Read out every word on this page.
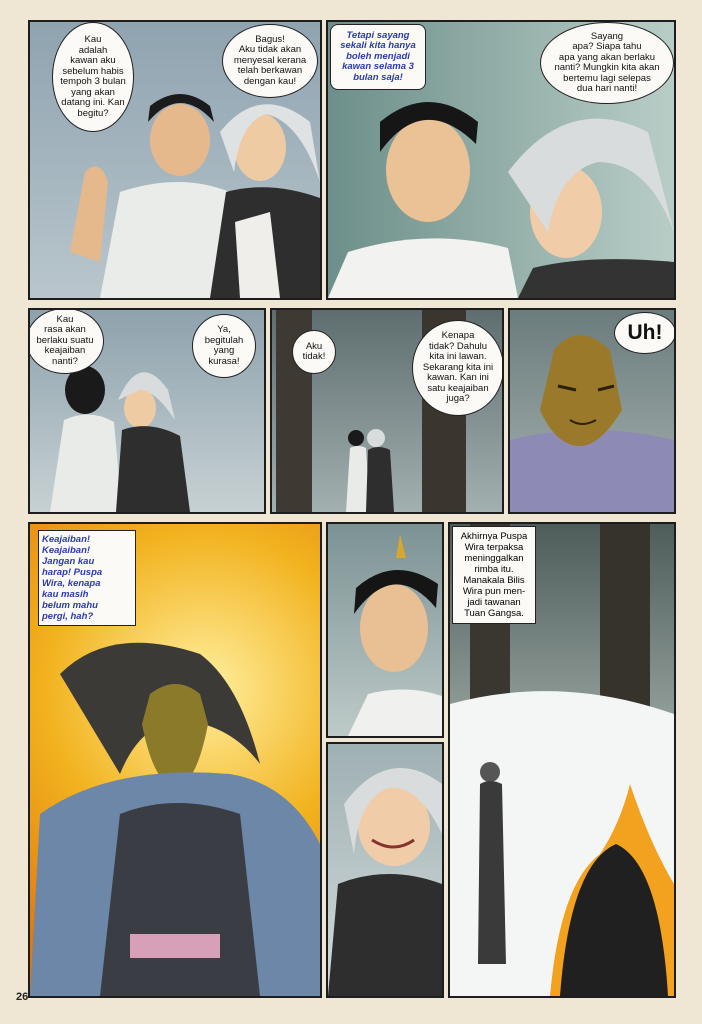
Kau
adalah
kawan aku
sebelum habis
tempoh 3 bulan
yang akan
datang ini. Kan
begitu?
Bagus!
Aku tidak akan
menyesal kerana
telah berkawan
dengan kau!
Tetapi sayang
sekali kita hanya
boleh menjadi
kawan selama 3
bulan saja!
Sayang
apa? Siapa tahu
apa yang akan berlaku
nanti? Mungkin kita akan
bertemu lagi selepas
dua hari nanti!
Kau
rasa akan
berlaku suatu
keajaiban
nanti?
Ya,
begitulah
yang
kurasa!
Aku
tidak!
Kenapa
tidak? Dahulu
kita ini lawan.
Sekarang kita ini
kawan. Kan ini
satu keajaiban
juga?
Uh!
Keajaiban!
Keajaiban!
Jangan kau
harap! Puspa
Wira, kenapa
kau masih
belum mahu
pergi, hah?
Akhirnya Puspa
Wira terpaksa
meninggalkan
rimba itu.
Manakala Bilis
Wira pun men-
jadi tawanan
Tuan Gangsa.
26
